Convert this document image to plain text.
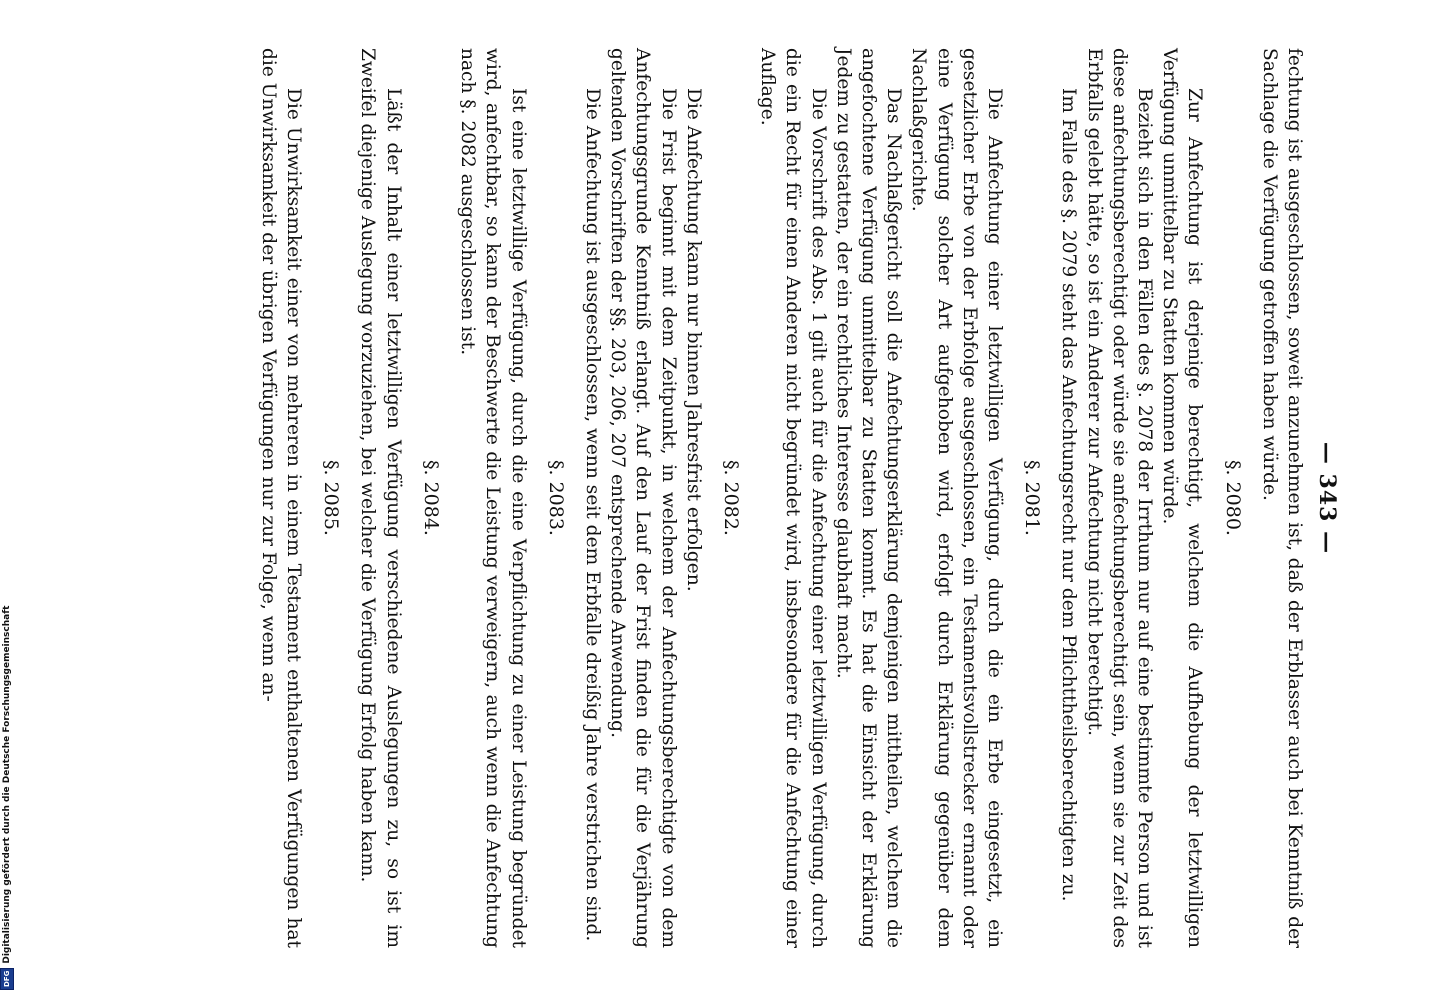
— 343 —

fechtung ist ausgeschlossen, soweit anzunehmen ist, daß der Erblasser auch bei Kenntniß der Sachlage die Verfügung getroffen haben würde.

§. 2080.

Zur Anfechtung ist derjenige berechtigt, welchem die Aufhebung der letztwilligen Verfügung unmittelbar zu Statten kommen würde.

Bezieht sich in den Fällen des §. 2078 der Irrthum nur auf eine bestimmte Person und ist diese anfechtungsberechtigt oder würde sie anfechtungsberechtigt sein, wenn sie zur Zeit des Erbfalls gelebt hätte, so ist ein Anderer zur Anfechtung nicht berechtigt.

Im Falle des §. 2079 steht das Anfechtungsrecht nur dem Pflichttheilsberechtigten zu.

§. 2081.

Die Anfechtung einer letztwilligen Verfügung, durch die ein Erbe eingesetzt, ein gesetzlicher Erbe von der Erbfolge ausgeschlossen, ein Testamentsvollstrecker ernannt oder eine Verfügung solcher Art aufgehoben wird, erfolgt durch Erklärung gegenüber dem Nachlaßgerichte.

Das Nachlaßgericht soll die Anfechtungserklärung demjenigen mittheilen, welchem die angefochtene Verfügung unmittelbar zu Statten kommt. Es hat die Einsicht der Erklärung Jedem zu gestatten, der ein rechtliches Interesse glaubhaft macht.

Die Vorschrift des Abs. 1 gilt auch für die Anfechtung einer letztwilligen Verfügung, durch die ein Recht für einen Anderen nicht begründet wird, insbesondere für die Anfechtung einer Auflage.

§. 2082.

Die Anfechtung kann nur binnen Jahresfrist erfolgen.

Die Frist beginnt mit dem Zeitpunkt, in welchem der Anfechtungsberechtigte von dem Anfechtungsgrunde Kenntniß erlangt. Auf den Lauf der Frist finden die für die Verjährung geltenden Vorschriften der §§. 203, 206, 207 entsprechende Anwendung.

Die Anfechtung ist ausgeschlossen, wenn seit dem Erbfalle dreißig Jahre verstrichen sind.

§. 2083.

Ist eine letztwillige Verfügung, durch die eine Verpflichtung zu einer Leistung begründet wird, anfechtbar, so kann der Beschwerte die Leistung verweigern, auch wenn die Anfechtung nach §. 2082 ausgeschlossen ist.

§. 2084.

Läßt der Inhalt einer letztwilligen Verfügung verschiedene Auslegungen zu, so ist im Zweifel diejenige Auslegung vorzuziehen, bei welcher die Verfügung Erfolg haben kann.

§. 2085.

Die Unwirksamkeit einer von mehreren in einem Testament enthaltenen Verfügungen hat die Unwirksamkeit der übrigen Verfügungen nur zur Folge, wenn an-

DFG
Digitalisierung gefördert durch die Deutsche Forschungsgemeinschaft
